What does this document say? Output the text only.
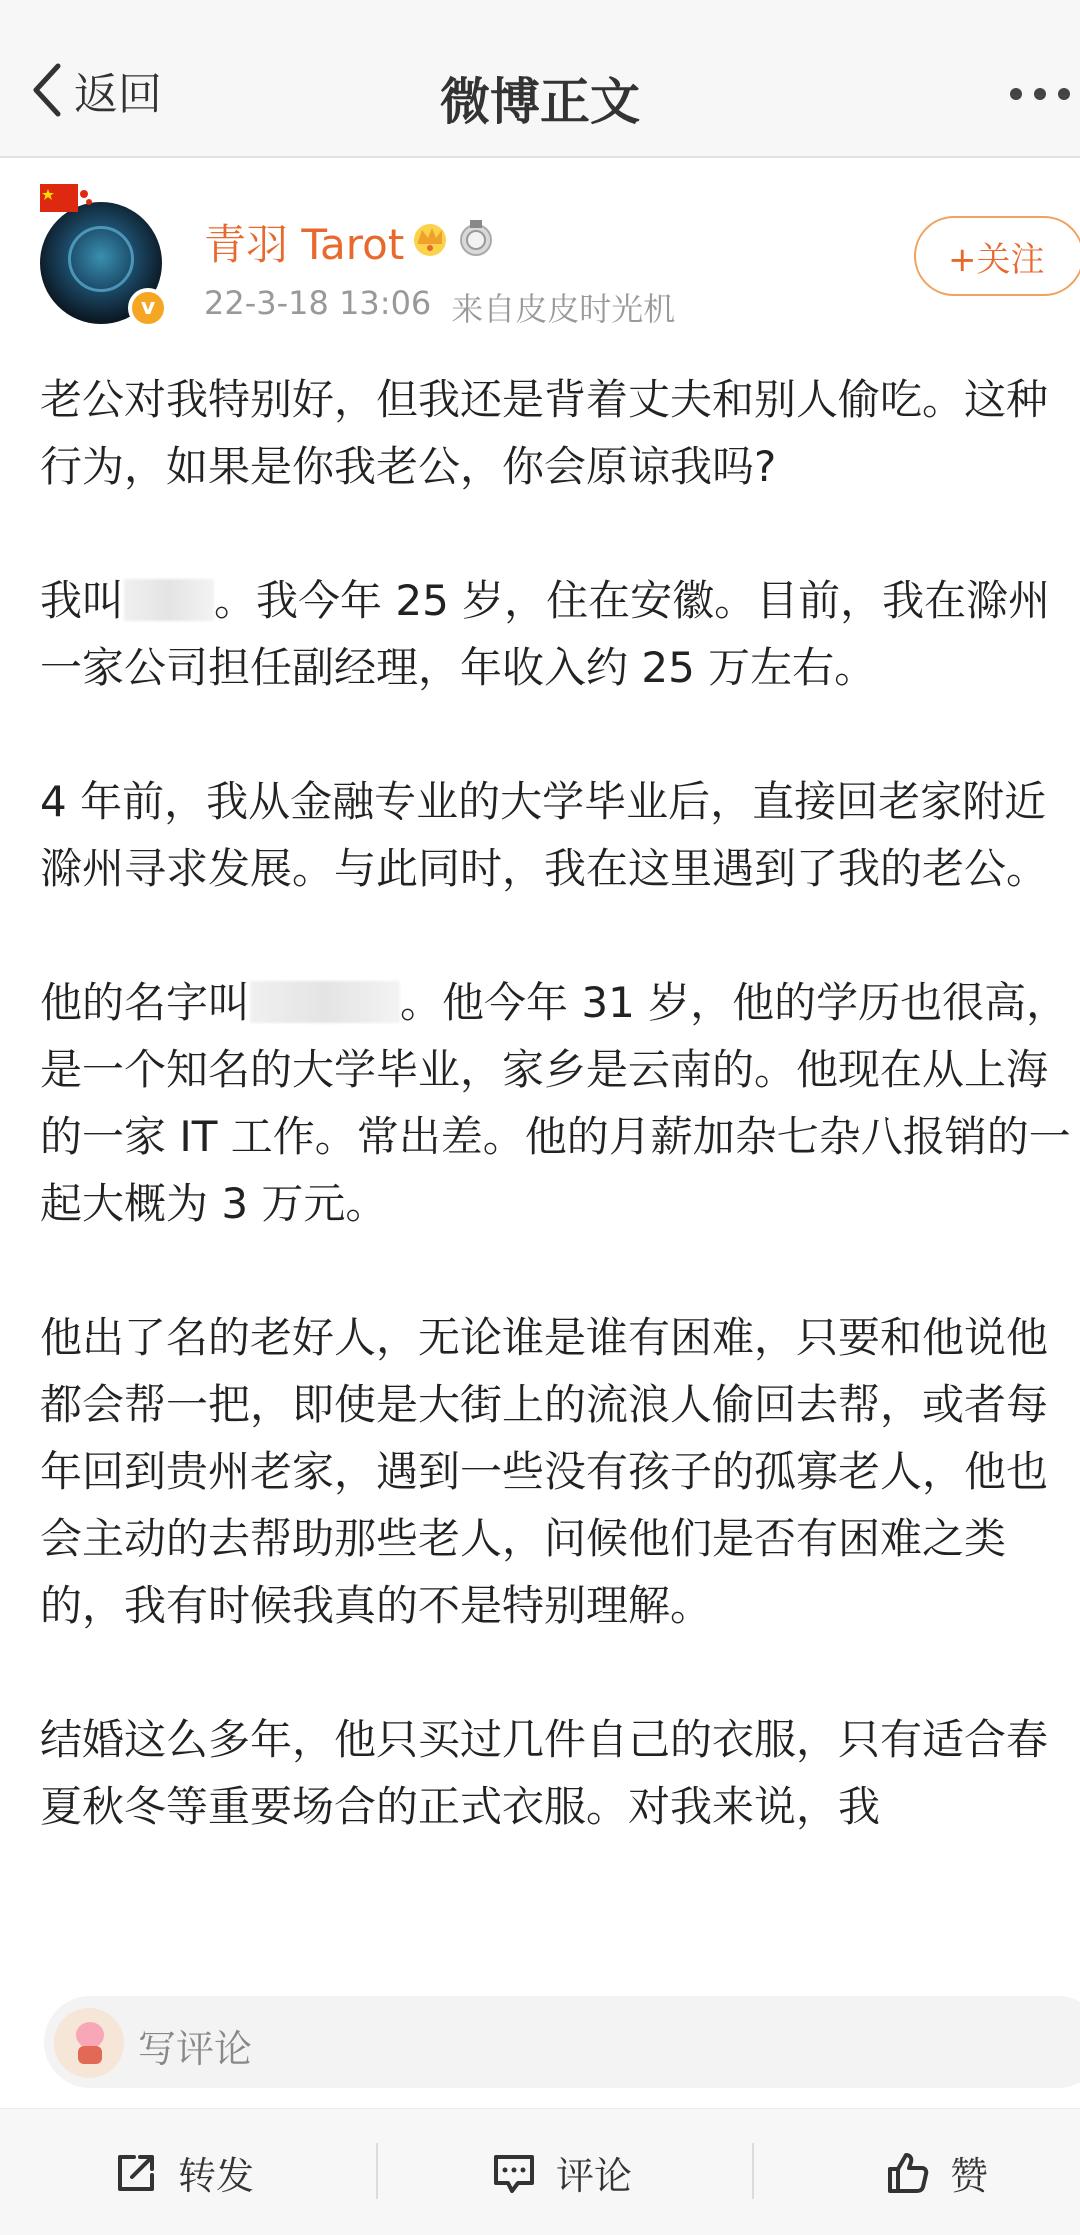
返回	微博正文
v
青羽 Tarot
22-3-18 13:06 来自皮皮时光机
+关注

老公对我特别好，但我还是背着丈夫和别人偷吃。这种行为，如果是你我老公，你会原谅我吗?

我叫 。我今年 25 岁，住在安徽。目前，我在滁州一家公司担任副经理，年收入约 25 万左右。

4 年前，我从金融专业的大学毕业后，直接回老家附近滁州寻求发展。与此同时，我在这里遇到了我的老公。

他的名字叫	。他今年 31 岁，他的学历也很高，是一个知名的大学毕业，家乡是云南的。他现在从上海的一家 IT 工作。常出差。他的月薪加杂七杂八报销的一起大概为 3 万元。

他出了名的老好人，无论谁是谁有困难，只要和他说他都会帮一把，即使是大街上的流浪人偷回去帮，或者每年回到贵州老家，遇到一些没有孩子的孤寡老人，他也会主动的去帮助那些老人，问候他们是否有困难之类的，我有时候我真的不是特别理解。

结婚这么多年，他只买过几件自己的衣服，只有适合春夏秋冬等重要场合的正式衣服。对我来说，我

写评论
转发	评论	赞
